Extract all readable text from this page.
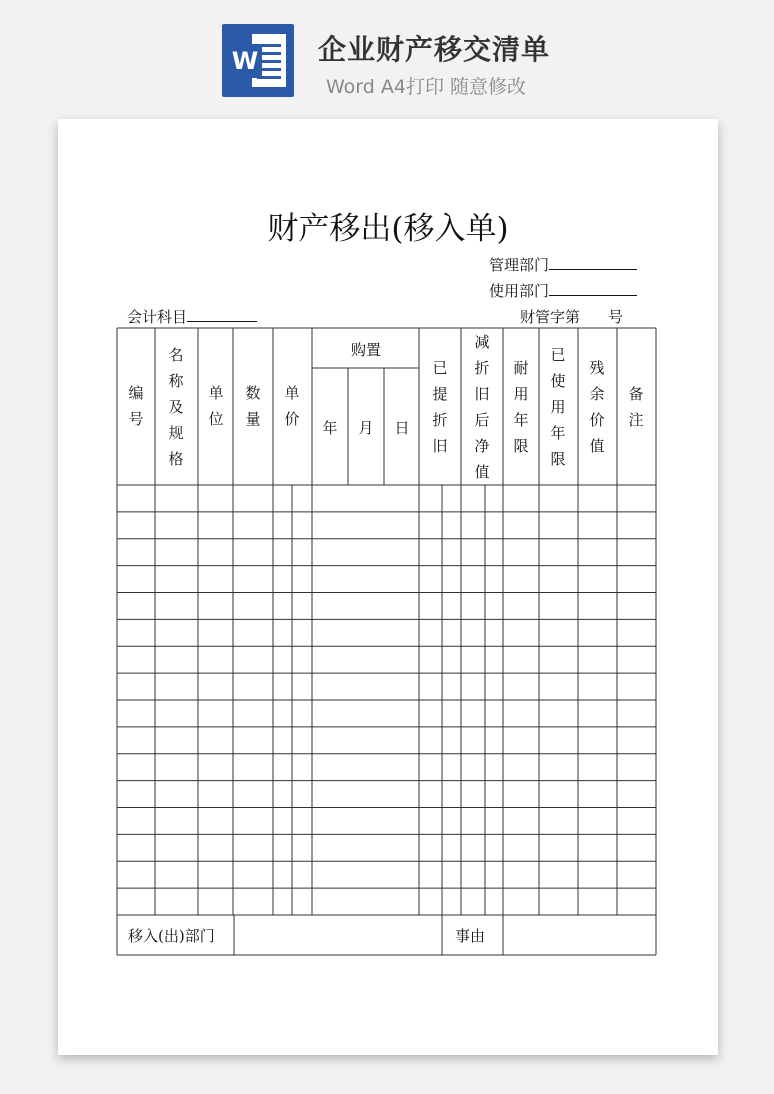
W 企业财产移交清单
Word A4打印 随意修改
财产移出(移入单)
管理部门
使用部门
会计科目	财管字第 号
编号
名称及规格
单位
数量
单价
购置
年 月 日
已提折旧
减折旧后净值
耐用年限
已使用年限
残余价值
备注
移入(出)部门	事由
